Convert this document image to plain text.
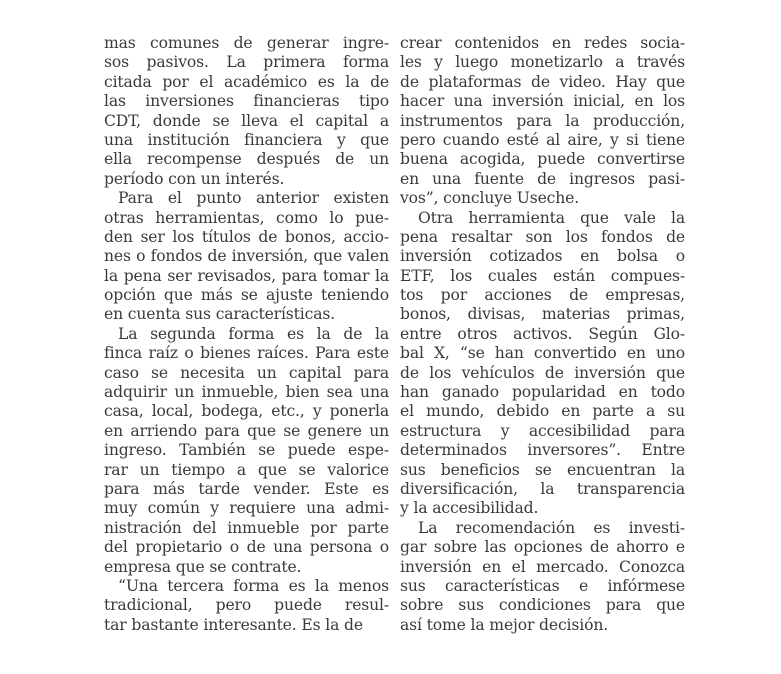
mas comunes de generar ingre-
sos pasivos. La primera forma
citada por el académico es la de
las inversiones financieras tipo
CDT, donde se lleva el capital a
una institución financiera y que
ella recompense después de un
período con un interés.
Para el punto anterior existen
otras herramientas, como lo pue-
den ser los títulos de bonos, accio-
nes o fondos de inversión, que valen
la pena ser revisados, para tomar la
opción que más se ajuste teniendo
en cuenta sus características.
La segunda forma es la de la
finca raíz o bienes raíces. Para este
caso se necesita un capital para
adquirir un inmueble, bien sea una
casa, local, bodega, etc., y ponerla
en arriendo para que se genere un
ingreso. También se puede espe-
rar un tiempo a que se valorice
para más tarde vender. Este es
muy común y requiere una admi-
nistración del inmueble por parte
del propietario o de una persona o
empresa que se contrate.
“Una tercera forma es la menos
tradicional, pero puede resul-
tar bastante interesante. Es la de
crear contenidos en redes socia-
les y luego monetizarlo a través
de plataformas de video. Hay que
hacer una inversión inicial, en los
instrumentos para la producción,
pero cuando esté al aire, y si tiene
buena acogida, puede convertirse
en una fuente de ingresos pasi-
vos”, concluye Useche.
Otra herramienta que vale la
pena resaltar son los fondos de
inversión cotizados en bolsa o
ETF, los cuales están compues-
tos por acciones de empresas,
bonos, divisas, materias primas,
entre otros activos. Según Glo-
bal X, “se han convertido en uno
de los vehículos de inversión que
han ganado popularidad en todo
el mundo, debido en parte a su
estructura y accesibilidad para
determinados inversores”. Entre
sus beneficios se encuentran la
diversificación, la transparencia
y la accesibilidad.
La recomendación es investi-
gar sobre las opciones de ahorro e
inversión en el mercado. Conozca
sus características e infórmese
sobre sus condiciones para que
así tome la mejor decisión.
